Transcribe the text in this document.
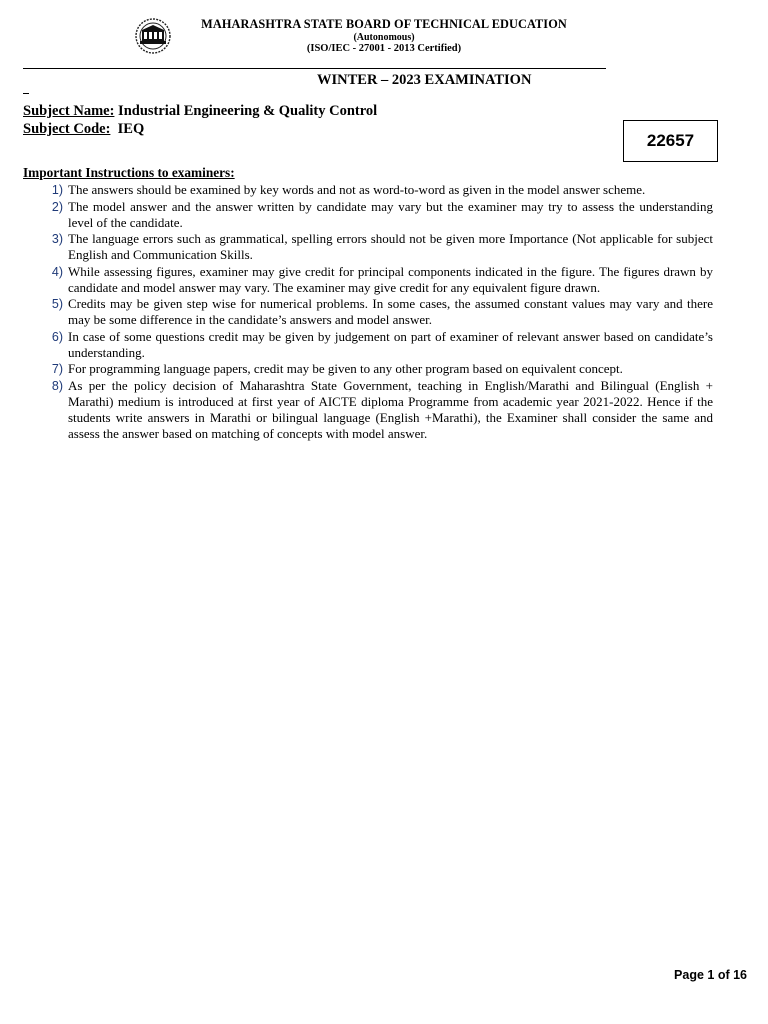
MAHARASHTRA STATE BOARD OF TECHNICAL EDUCATION
(Autonomous)
(ISO/IEC - 27001 - 2013 Certified)
WINTER – 2023 EXAMINATION
Subject Name: Industrial Engineering & Quality Control
Subject Code: IEQ
22657
Important Instructions to examiners:
1) The answers should be examined by key words and not as word-to-word as given in the model answer scheme.
2) The model answer and the answer written by candidate may vary but the examiner may try to assess the understanding level of the candidate.
3) The language errors such as grammatical, spelling errors should not be given more Importance (Not applicable for subject English and Communication Skills.
4) While assessing figures, examiner may give credit for principal components indicated in the figure. The figures drawn by candidate and model answer may vary. The examiner may give credit for any equivalent figure drawn.
5) Credits may be given step wise for numerical problems. In some cases, the assumed constant values may vary and there may be some difference in the candidate’s answers and model answer.
6) In case of some questions credit may be given by judgement on part of examiner of relevant answer based on candidate’s understanding.
7) For programming language papers, credit may be given to any other program based on equivalent concept.
8) As per the policy decision of Maharashtra State Government, teaching in English/Marathi and Bilingual (English + Marathi) medium is introduced at first year of AICTE diploma Programme from academic year 2021-2022. Hence if the students write answers in Marathi or bilingual language (English +Marathi), the Examiner shall consider the same and assess the answer based on matching of concepts with model answer.
Page 1 of 16
